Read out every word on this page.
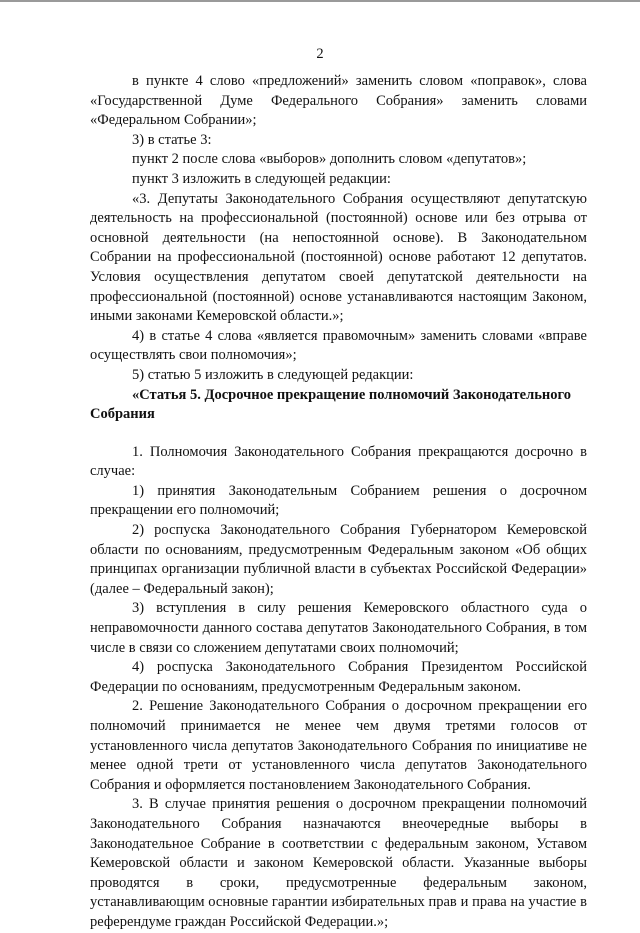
2

в пункте 4 слово «предложений» заменить словом «поправок», слова «Государственной Думе Федерального Собрания» заменить словами «Федеральном Собрании»;

3) в статье 3:

пункт 2 после слова «выборов» дополнить словом «депутатов»;

пункт 3 изложить в следующей редакции:

«3. Депутаты Законодательного Собрания осуществляют депутатскую деятельность на профессиональной (постоянной) основе или без отрыва от основной деятельности (на непостоянной основе). В Законодательном Собрании на профессиональной (постоянной) основе работают 12 депутатов. Условия осуществления депутатом своей депутатской деятельности на профессиональной (постоянной) основе устанавливаются настоящим Законом, иными законами Кемеровской области.»;

4) в статье 4 слова «является правомочным» заменить словами «вправе осуществлять свои полномочия»;

5) статью 5 изложить в следующей редакции:

«Статья 5. Досрочное прекращение полномочий Законодательного Собрания

1. Полномочия Законодательного Собрания прекращаются досрочно в случае:

1) принятия Законодательным Собранием решения о досрочном прекращении его полномочий;

2) роспуска Законодательного Собрания Губернатором Кемеровской области по основаниям, предусмотренным Федеральным законом «Об общих принципах организации публичной власти в субъектах Российской Федерации» (далее – Федеральный закон);

3) вступления в силу решения Кемеровского областного суда о неправомочности данного состава депутатов Законодательного Собрания, в том числе в связи со сложением депутатами своих полномочий;

4) роспуска Законодательного Собрания Президентом Российской Федерации по основаниям, предусмотренным Федеральным законом.

2. Решение Законодательного Собрания о досрочном прекращении его полномочий принимается не менее чем двумя третями голосов от установленного числа депутатов Законодательного Собрания по инициативе не менее одной трети от установленного числа депутатов Законодательного Собрания и оформляется постановлением Законодательного Собрания.

3. В случае принятия решения о досрочном прекращении полномочий Законодательного Собрания назначаются внеочередные выборы в Законодательное Собрание в соответствии с федеральным законом, Уставом Кемеровской области и законом Кемеровской области. Указанные выборы проводятся в сроки, предусмотренные федеральным законом, устанавливающим основные гарантии избирательных прав и права на участие в референдуме граждан Российской Федерации.»;
